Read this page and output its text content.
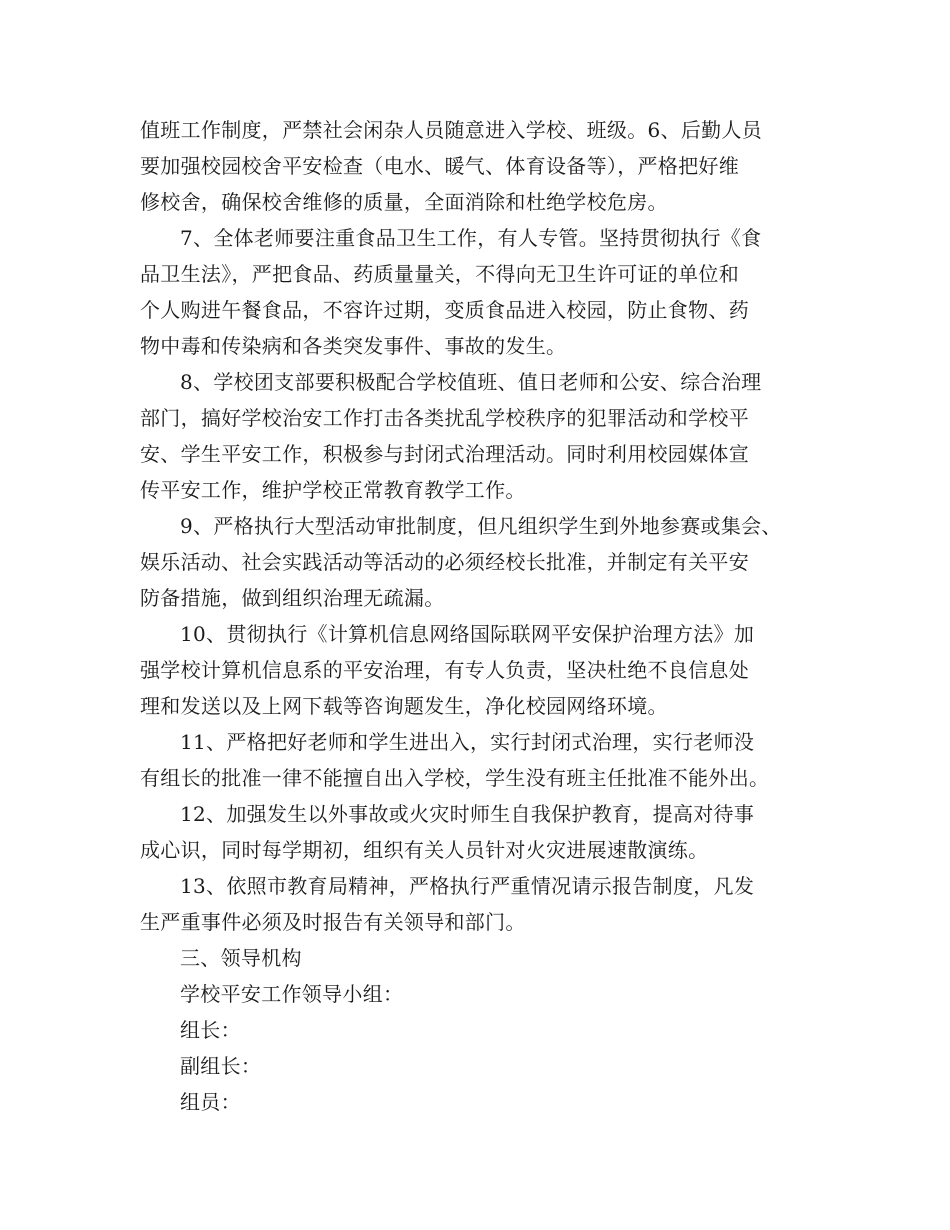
值班工作制度，严禁社会闲杂人员随意进入学校、班级。6、后勤人员
要加强校园校舍平安检查（电水、暖气、体育设备等），严格把好维
修校舍，确保校舍维修的质量，全面消除和杜绝学校危房。
7、全体老师要注重食品卫生工作，有人专管。坚持贯彻执行《食
品卫生法》，严把食品、药质量量关，不得向无卫生许可证的单位和
个人购进午餐食品，不容许过期，变质食品进入校园，防止食物、药
物中毒和传染病和各类突发事件、事故的发生。
8、学校团支部要积极配合学校值班、值日老师和公安、综合治理
部门，搞好学校治安工作打击各类扰乱学校秩序的犯罪活动和学校平
安、学生平安工作，积极参与封闭式治理活动。同时利用校园媒体宣
传平安工作，维护学校正常教育教学工作。
9、严格执行大型活动审批制度，但凡组织学生到外地参赛或集会、
娱乐活动、社会实践活动等活动的必须经校长批准，并制定有关平安
防备措施，做到组织治理无疏漏。
10、贯彻执行《计算机信息网络国际联网平安保护治理方法》加
强学校计算机信息系的平安治理，有专人负责，坚决杜绝不良信息处
理和发送以及上网下载等咨询题发生，净化校园网络环境。
11、严格把好老师和学生进出入，实行封闭式治理，实行老师没
有组长的批准一律不能擅自出入学校，学生没有班主任批准不能外出。
12、加强发生以外事故或火灾时师生自我保护教育，提高对待事
成心识，同时每学期初，组织有关人员针对火灾进展速散演练。
13、依照市教育局精神，严格执行严重情况请示报告制度，凡发
生严重事件必须及时报告有关领导和部门。
三、领导机构
学校平安工作领导小组：
组长：
副组长：
组员：
